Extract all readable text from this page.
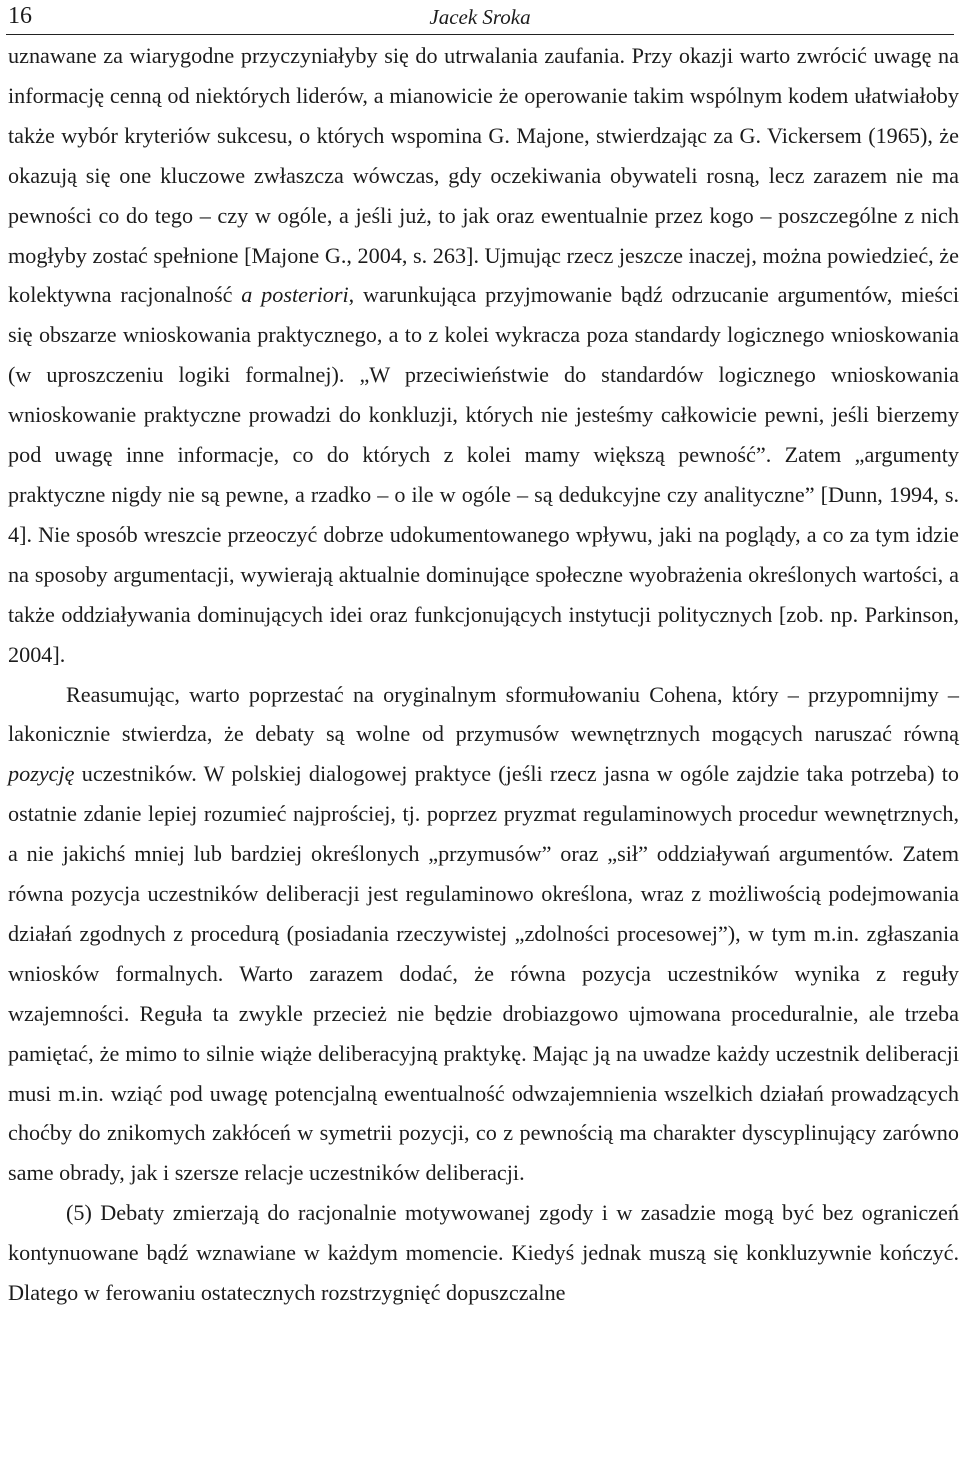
16	Jacek Sroka

uznawane za wiarygodne przyczyniałyby się do utrwalania zaufania. Przy okazji warto zwrócić uwagę na informację cenną od niektórych liderów, a mianowicie że operowanie takim wspólnym kodem ułatwiałoby także wybór kryteriów sukcesu, o których wspomina G. Majone, stwierdzając za G. Vickersem (1965), że okazują się one kluczowe zwłaszcza wówczas, gdy oczekiwania obywateli rosną, lecz zarazem nie ma pewności co do tego – czy w ogóle, a jeśli już, to jak oraz ewentualnie przez kogo – poszczególne z nich mogłyby zostać spełnione [Majone G., 2004, s. 263]. Ujmując rzecz jeszcze inaczej, można powiedzieć, że kolektywna racjonalność a posteriori, warunkująca przyjmowanie bądź odrzucanie argumentów, mieści się obszarze wnioskowania praktycznego, a to z kolei wykracza poza standardy logicznego wnioskowania (w uproszczeniu logiki formalnej). „W przeciwieństwie do standardów logicznego wnioskowania wnioskowanie praktyczne prowadzi do konkluzji, których nie jesteśmy całkowicie pewni, jeśli bierzemy pod uwagę inne informacje, co do których z kolei mamy większą pewność”. Zatem „argumenty praktyczne nigdy nie są pewne, a rzadko – o ile w ogóle – są dedukcyjne czy analityczne” [Dunn, 1994, s. 4]. Nie sposób wreszcie przeoczyć dobrze udokumentowanego wpływu, jaki na poglądy, a co za tym idzie na sposoby argumentacji, wywierają aktualnie dominujące społeczne wyobrażenia określonych wartości, a także oddziaływania dominujących idei oraz funkcjonujących instytucji politycznych [zob. np. Parkinson, 2004].

Reasumując, warto poprzestać na oryginalnym sformułowaniu Cohena, który – przypomnijmy – lakonicznie stwierdza, że debaty są wolne od przymusów wewnętrznych mogących naruszać równą pozycję uczestników. W polskiej dialogowej praktyce (jeśli rzecz jasna w ogóle zajdzie taka potrzeba) to ostatnie zdanie lepiej rozumieć najprościej, tj. poprzez pryzmat regulaminowych procedur wewnętrznych, a nie jakichś mniej lub bardziej określonych „przymusów” oraz „sił” oddziaływań argumentów. Zatem równa pozycja uczestników deliberacji jest regulaminowo określona, wraz z możliwością podejmowania działań zgodnych z procedurą (posiadania rzeczywistej „zdolności procesowej”), w tym m.in. zgłaszania wniosków formalnych. Warto zarazem dodać, że równa pozycja uczestników wynika z reguły wzajemności. Reguła ta zwykle przecież nie będzie drobiazgowo ujmowana proceduralnie, ale trzeba pamiętać, że mimo to silnie wiąże deliberacyjną praktykę. Mając ją na uwadze każdy uczestnik deliberacji musi m.in. wziąć pod uwagę potencjalną ewentualność odwzajemnienia wszelkich działań prowadzących choćby do znikomych zakłóceń w symetrii pozycji, co z pewnością ma charakter dyscyplinujący zarówno same obrady, jak i szersze relacje uczestników deliberacji.

(5) Debaty zmierzają do racjonalnie motywowanej zgody i w zasadzie mogą być bez ograniczeń kontynuowane bądź wznawiane w każdym momencie. Kiedyś jednak muszą się konkluzywnie kończyć. Dlatego w ferowaniu ostatecznych rozstrzygnięć dopuszczalne
